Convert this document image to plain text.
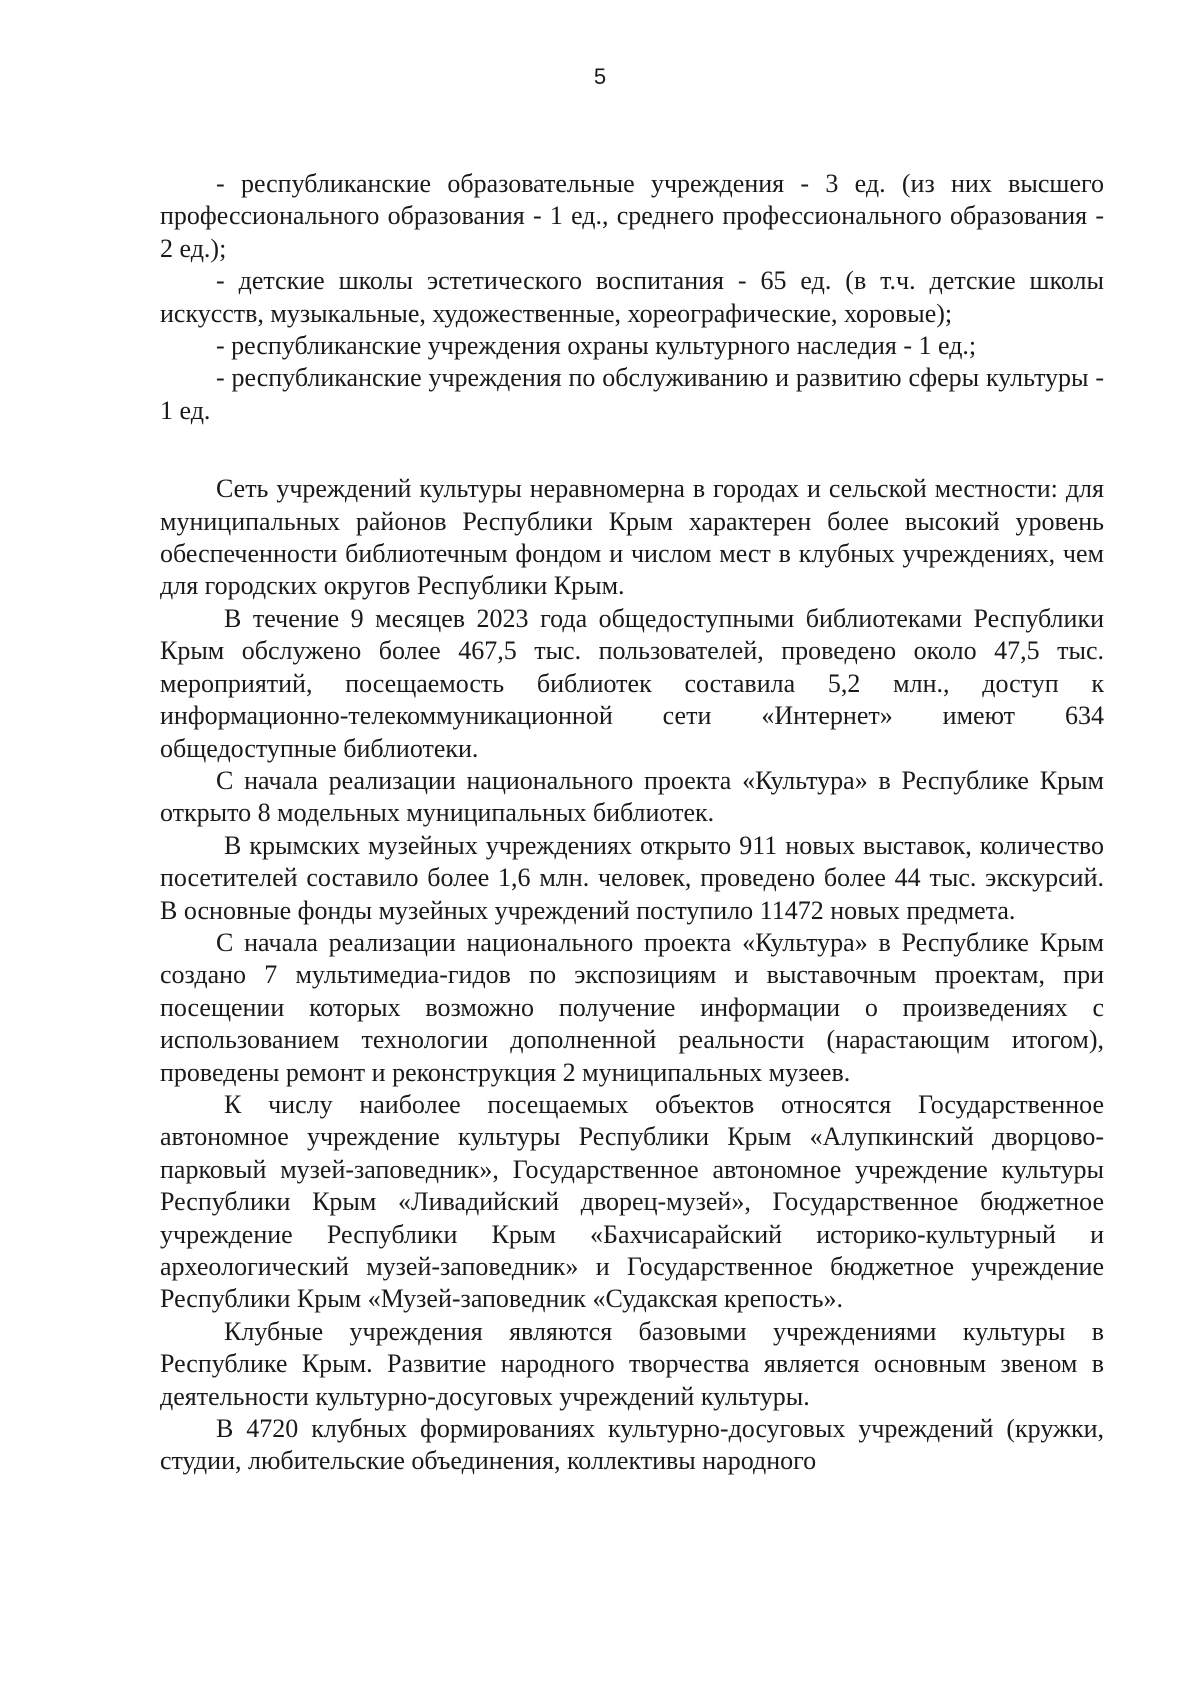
5

- республиканские образовательные учреждения - 3 ед. (из них высшего профессионального образования - 1 ед., среднего профессионального образования - 2 ед.);

- детские школы эстетического воспитания - 65 ед. (в т.ч. детские школы искусств, музыкальные, художественные, хореографические, хоровые);

- республиканские учреждения охраны культурного наследия - 1 ед.;

- республиканские учреждения по обслуживанию и развитию сферы культуры - 1 ед.

Сеть учреждений культуры неравномерна в городах и сельской местности: для муниципальных районов Республики Крым характерен более высокий уровень обеспеченности библиотечным фондом и числом мест в клубных учреждениях, чем для городских округов Республики Крым.

В течение 9 месяцев 2023 года общедоступными библиотеками Республики Крым обслужено более 467,5 тыс. пользователей, проведено около 47,5 тыс. мероприятий, посещаемость библиотек составила 5,2 млн., доступ к информационно-телекоммуникационной сети «Интернет» имеют 634 общедоступные библиотеки.

С начала реализации национального проекта «Культура» в Республике Крым открыто 8 модельных муниципальных библиотек.

В крымских музейных учреждениях открыто 911 новых выставок, количество посетителей составило более 1,6 млн. человек, проведено более 44 тыс. экскурсий. В основные фонды музейных учреждений поступило 11472 новых предмета.

С начала реализации национального проекта «Культура» в Республике Крым создано 7 мультимедиа-гидов по экспозициям и выставочным проектам, при посещении которых возможно получение информации о произведениях с использованием технологии дополненной реальности (нарастающим итогом), проведены ремонт и реконструкция 2 муниципальных музеев.

К числу наиболее посещаемых объектов относятся Государственное автономное учреждение культуры Республики Крым «Алупкинский дворцово-парковый музей-заповедник», Государственное автономное учреждение культуры Республики Крым «Ливадийский дворец-музей», Государственное бюджетное учреждение Республики Крым «Бахчисарайский историко-культурный и археологический музей-заповедник» и Государственное бюджетное учреждение Республики Крым «Музей-заповедник «Судакская крепость».

Клубные учреждения являются базовыми учреждениями культуры в Республике Крым. Развитие народного творчества является основным звеном в деятельности культурно-досуговых учреждений культуры.

В 4720 клубных формированиях культурно-досуговых учреждений (кружки, студии, любительские объединения, коллективы народного
